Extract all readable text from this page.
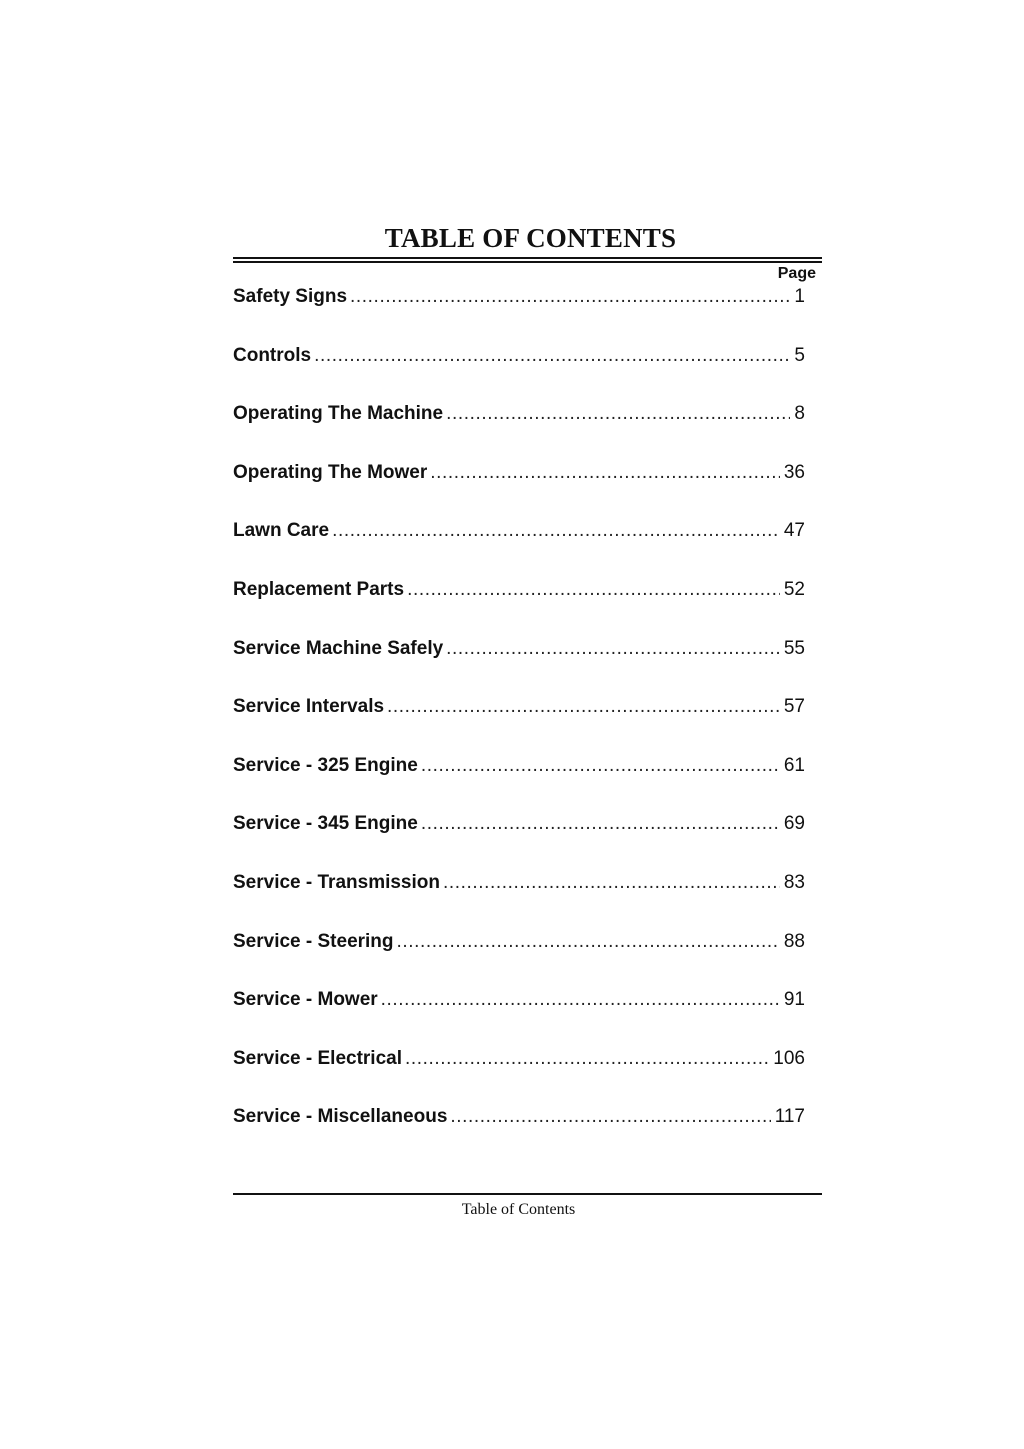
TABLE OF CONTENTS
Page
Safety Signs .....	1
Controls .....	5
Operating The Machine .....	8
Operating The Mower .....	36
Lawn Care .....	47
Replacement Parts .....	52
Service Machine Safely .....	55
Service Intervals .....	57
Service - 325 Engine .....	61
Service - 345 Engine .....	69
Service - Transmission .....	83
Service - Steering .....	88
Service - Mower .....	91
Service - Electrical .....	106
Service - Miscellaneous .....	117
Table of Contents
